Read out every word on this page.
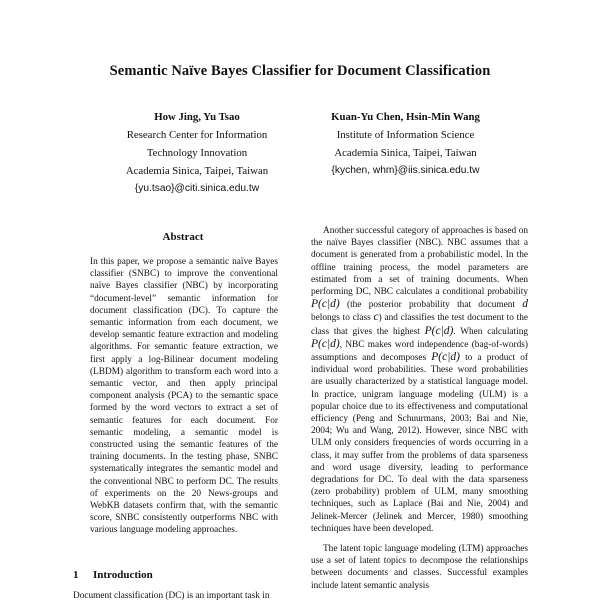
Semantic Naïve Bayes Classifier for Document Classification
How Jing, Yu Tsao
Research Center for Information
Technology Innovation
Academia Sinica, Taipei, Taiwan
{yu.tsao}@citi.sinica.edu.tw
Kuan-Yu Chen, Hsin-Min Wang
Institute of Information Science
Academia Sinica, Taipei, Taiwan
{kychen, whm}@iis.sinica.edu.tw
Abstract

In this paper, we propose a semantic naïve Bayes classifier (SNBC) to improve the conventional naïve Bayes classifier (NBC) by incorporating “document-level” semantic information for document classification (DC). To capture the semantic information from each document, we develop semantic feature extraction and modeling algorithms. For semantic feature extraction, we first apply a log-Bilinear document modeling (LBDM) algorithm to transform each word into a semantic vector, and then apply principal component analysis (PCA) to the semantic space formed by the word vectors to extract a set of semantic features for each document. For semantic modeling, a semantic model is constructed using the semantic features of the training documents. In the testing phase, SNBC systematically integrates the semantic model and the conventional NBC to perform DC. The results of experiments on the 20 News-groups and WebKB datasets confirm that, with the semantic score, SNBC consistently outperforms NBC with various language modeling approaches.

1 Introduction
Document classification (DC) is an important task in

Another successful category of approaches is based on the naïve Bayes classifier (NBC). NBC assumes that a document is generated from a probabilistic model. In the offline training process, the model parameters are estimated from a set of training documents. When performing DC, NBC calculates a conditional probability P(c|d) (the posterior probability that document d belongs to class c) and classifies the test document to the class that gives the highest P(c|d). When calculating P(c|d), NBC makes word independence (bag-of-words) assumptions and decomposes P(c|d) to a product of individual word probabilities. These word probabilities are usually characterized by a statistical language model. In practice, unigram language modeling (ULM) is a popular choice due to its effectiveness and computational efficiency (Peng and Schuurmans, 2003; Bai and Nie, 2004; Wu and Wang, 2012). However, since NBC with ULM only considers frequencies of words occurring in a class, it may suffer from the problems of data sparseness and word usage diversity, leading to performance degradations for DC. To deal with the data sparseness (zero probability) problem of ULM, many smoothing techniques, such as Laplace (Bai and Nie, 2004) and Jelinek-Mercer (Jelinek and Mercer, 1980) smoothing techniques have been developed.

The latent topic language modeling (LTM) approaches use a set of latent topics to decompose the relationships between documents and classes. Successful examples include latent semantic analysis
